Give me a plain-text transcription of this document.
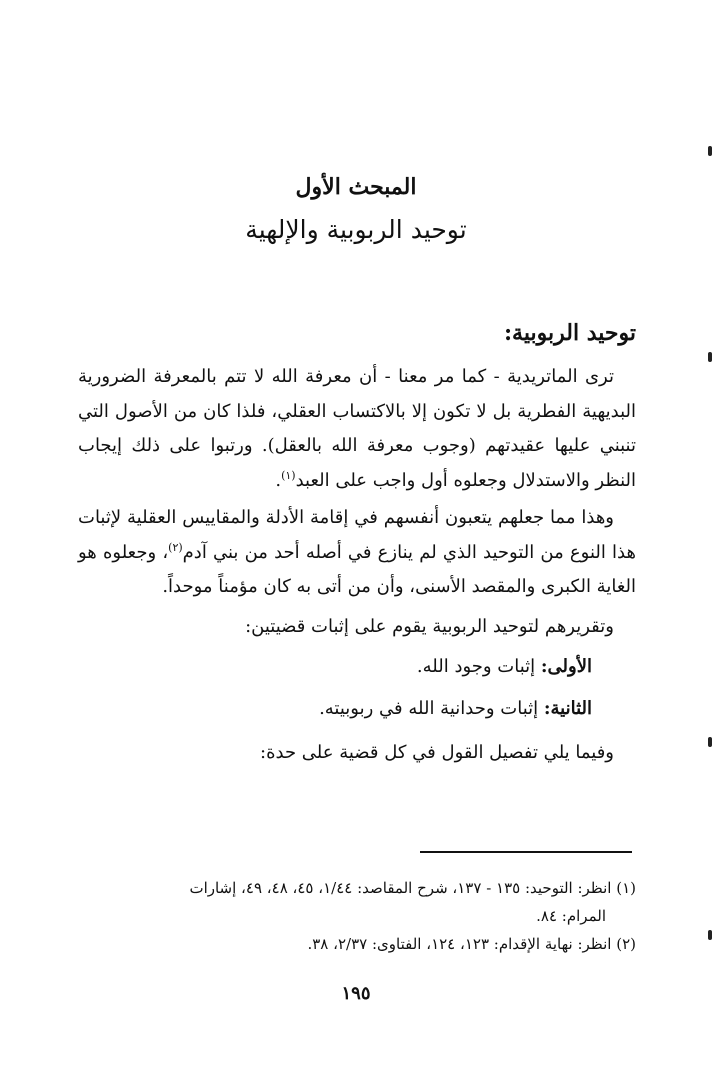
المبحث الأول
توحيد الربوبية والإلهية
توحيد الربوبية:
ترى الماتريدية - كما مر معنا - أن معرفة الله لا تتم بالمعرفة الضرورية البديهية الفطرية بل لا تكون إلا بالاكتساب العقلي، فلذا كان من الأصول التي تنبني عليها عقيدتهم (وجوب معرفة الله بالعقل). ورتبوا على ذلك إيجاب النظر والاستدلال وجعلوه أول واجب على العبد$^{(١)}$.
وهذا مما جعلهم يتعبون أنفسهم في إقامة الأدلة والمقاييس العقلية لإثبات هذا النوع من التوحيد الذي لم ينازع في أصله أحد من بني آدم$^{(٢)}$، وجعلوه هو الغاية الكبرى والمقصد الأسنى، وأن من أتى به كان مؤمناً موحداً.
وتقريرهم لتوحيد الربوبية يقوم على إثبات قضيتين:
الأولى: إثبات وجود الله.
الثانية: إثبات وحدانية الله في ربوبيته.
وفيما يلي تفصيل القول في كل قضية على حدة:
(١) انظر: التوحيد: ١٣٥ - ١٣٧، شرح المقاصد: ١/٤٤، ٤٥، ٤٨، ٤٩، إشارات
المرام: ٨٤.
(٢) انظر: نهاية الإقدام: ١٢٣، ١٢٤، الفتاوى: ٢/٣٧، ٣٨.
١٩٥
